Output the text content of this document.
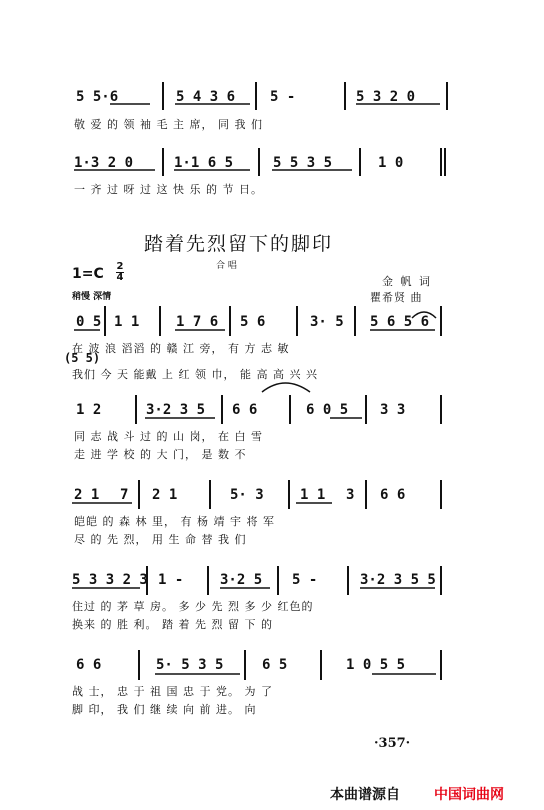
5 5·6	5 4 3 6 5 -	5 3 2 0
敬 爱 的 领 袖 毛 主 席， 同 我 们
1·3 2 0	1·1 6 5	5 5 3 5	1 0
一 齐 过 呀 过 这 快 乐 的 节 日。
踏着先烈留下的脚印
合 唱
1=C 2
4
稍慢 深情
金 帆 词
瞿希贤 曲
0 5 1 1	1 7 6 5 6	3· 5 5 6 5 6
在 波 浪 滔滔 的 赣 江 旁， 有 方 志 敏
(5 5)
我们 今 天 能戴 上 红 领 巾， 能 高 高 兴 兴
1 2	3·2 3 5 6 6	6 0 5 3 3
同 志 战 斗 过 的 山 岗， 在 白 雪
走 进 学 校 的 大 门， 是 数 不
2 1 7 2 1	5· 3	1 1 3 6 6
皑皑 的 森 林 里， 有 杨 靖 宇 将 军
尽 的 先 烈， 用 生 命 替 我 们
5 3 3 2 3 1 -	3·2 5 5 -	3·2 3 5 5
住过 的 茅 草 房。 多 少 先 烈 多 少 红色的
换来 的 胜 利。 踏 着 先 烈 留 下 的
6 6	5· 5 3 5	6 5	1 0 5 5
战 士， 忠 于 祖 国 忠 于 党。 为 了
脚 印， 我 们 继 续 向 前 进。 向
·357·
本曲谱源自 中国词曲网
